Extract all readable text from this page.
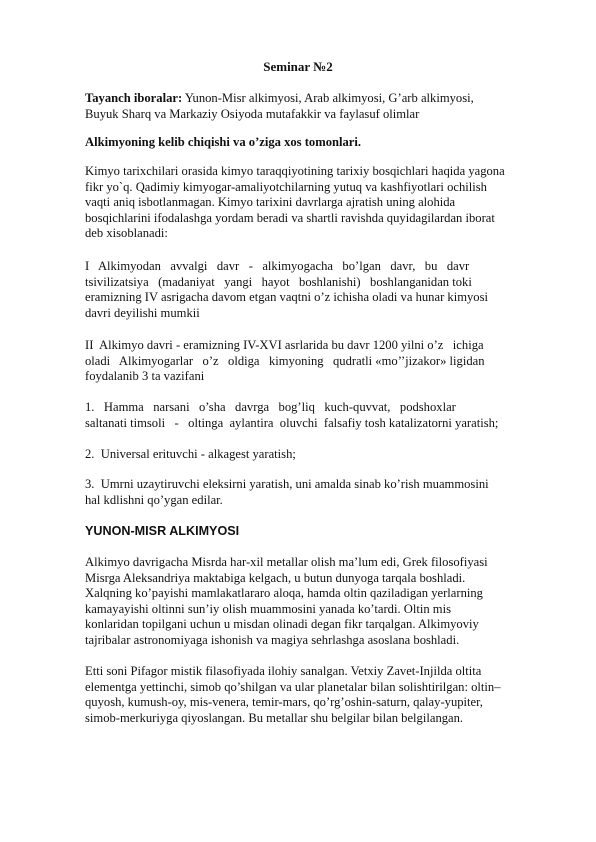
Seminar №2

Tayanch iboralar: Yunon-Misr alkimyosi, Arab alkimyosi, G’arb alkimyosi,
Buyuk Sharq va Markaziy Osiyoda mutafakkir va faylasuf olimlar

Alkimyoning kelib chiqishi va o’ziga xos tomonlari.

Kimyo tarixchilari orasida kimyo taraqqiyotining tarixiy bosqichlari haqida yagona
fikr yo`q. Qadimiy kimyogar-amaliyotchilarning yutuq va kashfiyotlari ochilish
vaqti aniq isbotlanmagan. Kimyo tarixini davrlarga ajratish uning alohida
bosqichlarini ifodalashga yordam beradi va shartli ravishda quyidagilardan iborat
deb xisoblanadi:

I   Alkimyodan   avvalgi   davr   -   alkimyogacha   bo’lgan   davr,   bu   davr
tsivilizatsiya   (madaniyat   yangi   hayot   boshlanishi)   boshlanganidan toki
eramizning IV asrigacha davom etgan vaqtni o’z ichisha oladi va hunar kimyosi
davri deyilishi mumkii

II  Alkimyo davri - eramizning IV-XVI asrlarida bu davr 1200 yilni o’z   ichiga
oladi   Alkimyogarlar   o’z   oldiga   kimyoning   qudratli «mo’’jizakor» ligidan
foydalanib 3 ta vazifani

1.   Hamma   narsani   o’sha   davrga   bog’liq   kuch-quvvat,   podshoxlar
saltanati timsoli   -   oltinga  aylantira  oluvchi  falsafiy tosh katalizatorni yaratish;

2.  Universal erituvchi - alkagest yaratish;

3.  Umrni uzaytiruvchi eleksirni yaratish, uni amalda sinab ko’rish muammosini
hal kdlishni qo’ygan edilar.

YUNON-MISR ALKIMYOSI

Alkimyo davrigacha Misrda har-xil metallar olish ma’lum edi, Grek filosofiyasi
Misrga Aleksandriya maktabiga kelgach, u butun dunyoga tarqala boshladi.
Xalqning ko’payishi mamlakatlararo aloqa, hamda oltin qaziladigan yerlarning
kamayayishi oltinni sun’iy olish muammosini yanada ko’tardi. Oltin mis
konlaridan topilgani uchun u misdan olinadi degan fikr tarqalgan. Alkimyoviy
tajribalar astronomiyaga ishonish va magiya sehrlashga asoslana boshladi.

Etti soni Pifagor mistik filasofiyada ilohiy sanalgan. Vetxiy Zavet-Injilda oltita
elementga yettinchi, simob qo’shilgan va ular planetalar bilan solishtirilgan: oltin–
quyosh, kumush-oy, mis-venera, temir-mars, qo’rg’oshin-saturn, qalay-yupiter,
simob-merkuriyga qiyoslangan. Bu metallar shu belgilar bilan belgilangan.
